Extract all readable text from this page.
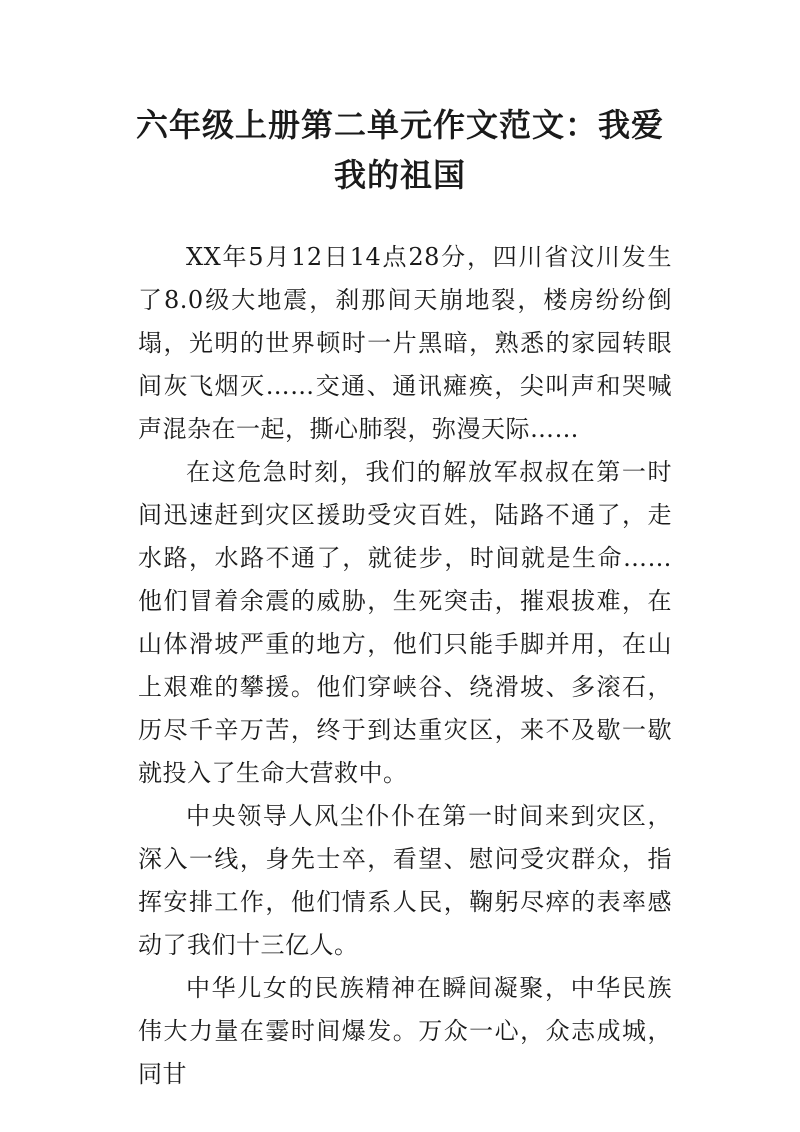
六年级上册第二单元作文范文：我爱我的祖国

XX年5月12日14点28分，四川省汶川发生了8.0级大地震，刹那间天崩地裂，楼房纷纷倒塌，光明的世界顿时一片黑暗，熟悉的家园转眼间灰飞烟灭……交通、通讯瘫痪，尖叫声和哭喊声混杂在一起，撕心肺裂，弥漫天际……

在这危急时刻，我们的解放军叔叔在第一时间迅速赶到灾区援助受灾百姓，陆路不通了，走水路，水路不通了，就徒步，时间就是生命……他们冒着余震的威胁，生死突击，摧艰拔难，在山体滑坡严重的地方，他们只能手脚并用，在山上艰难的攀援。他们穿峡谷、绕滑坡、多滚石，历尽千辛万苦，终于到达重灾区，来不及歇一歇就投入了生命大营救中。

中央领导人风尘仆仆在第一时间来到灾区，深入一线，身先士卒，看望、慰问受灾群众，指挥安排工作，他们情系人民，鞠躬尽瘁的表率感动了我们十三亿人。

中华儿女的民族精神在瞬间凝聚，中华民族伟大力量在霎时间爆发。万众一心，众志成城，同甘
